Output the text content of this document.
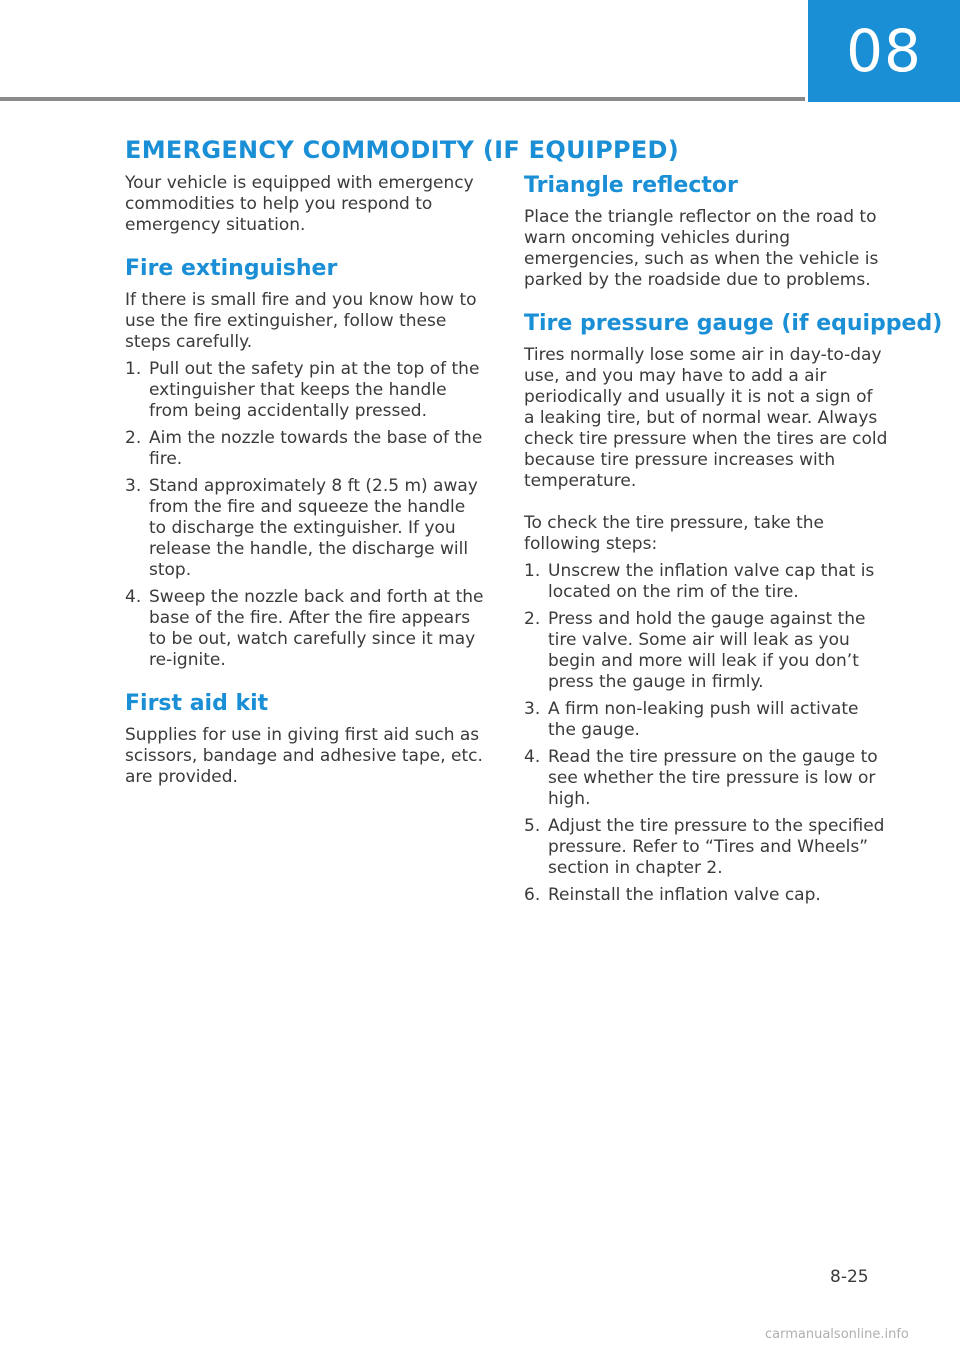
08
EMERGENCY COMMODITY (IF EQUIPPED)

Your vehicle is equipped with emergency commodities to help you respond to emergency situation.

Fire extinguisher

If there is small fire and you know how to use the fire extinguisher, follow these steps carefully.

1. Pull out the safety pin at the top of the extinguisher that keeps the handle from being accidentally pressed.
2. Aim the nozzle towards the base of the fire.
3. Stand approximately 8 ft (2.5 m) away from the fire and squeeze the handle to discharge the extinguisher. If you release the handle, the discharge will stop.
4. Sweep the nozzle back and forth at the base of the fire. After the fire appears to be out, watch carefully since it may re-ignite.
First aid kit

Supplies for use in giving first aid such as scissors, bandage and adhesive tape, etc. are provided.

Triangle reflector

Place the triangle reflector on the road to warn oncoming vehicles during emergencies, such as when the vehicle is parked by the roadside due to problems.

Tire pressure gauge (if equipped)

Tires normally lose some air in day-to-day use, and you may have to add a air periodically and usually it is not a sign of a leaking tire, but of normal wear. Always check tire pressure when the tires are cold because tire pressure increases with temperature.

To check the tire pressure, take the following steps:

1. Unscrew the inflation valve cap that is located on the rim of the tire.
2. Press and hold the gauge against the tire valve. Some air will leak as you begin and more will leak if you don’t press the gauge in firmly.
3. A firm non-leaking push will activate the gauge.
4. Read the tire pressure on the gauge to see whether the tire pressure is low or high.
5. Adjust the tire pressure to the specified pressure. Refer to “Tires and Wheels” section in chapter 2.
6. Reinstall the inflation valve cap.
8-25
carmanualsonline.info
